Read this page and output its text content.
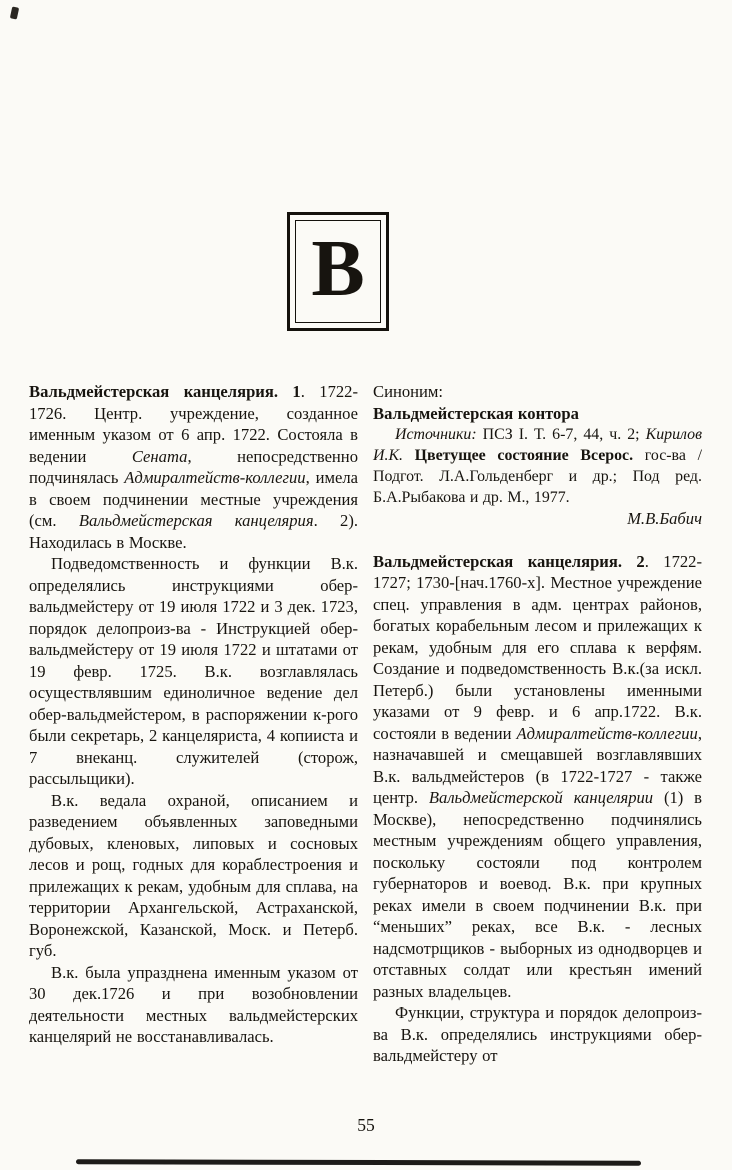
В

Вальдмейстерская канцелярия. 1. 1722-1726. Центр. учреждение, созданное именным указом от 6 апр. 1722. Состояла в ведении Сената, непосредственно подчинялась Адмиралтейств-коллегии, имела в своем подчинении местные учреждения (см. Вальдмейстерская канцелярия. 2). Находилась в Москве.

Подведомственность и функции В.к. определялись инструкциями обер-вальдмейстеру от 19 июля 1722 и 3 дек. 1723, порядок делопроиз-ва - Инструкцией обер-вальдмейстеру от 19 июля 1722 и штатами от 19 февр. 1725. В.к. возглавлялась осуществлявшим единоличное ведение дел обер-вальдмейстером, в распоряжении к-рого были секретарь, 2 канцеляриста, 4 копииста и 7 внеканц. служителей (сторож, рассыльщики).

В.к. ведала охраной, описанием и разведением объявленных заповедными дубовых, кленовых, липовых и сосновых лесов и рощ, годных для кораблестроения и прилежащих к рекам, удобным для сплава, на территории Архангельской, Астраханской, Воронежской, Казанской, Моск. и Петерб. губ.

В.к. была упразднена именным указом от 30 дек.1726 и при возобновлении деятельности местных вальдмейстерских канцелярий не восстанавливалась.

Синоним:

Вальдмейстерская контора

Источники: ПСЗ I. Т. 6-7, 44, ч. 2; Кирилов И.К. Цветущее состояние Всерос. гос-ва / Подгот. Л.А.Гольденберг и др.; Под ред. Б.А.Рыбакова и др. М., 1977.

М.В.Бабич

Вальдмейстерская канцелярия. 2. 1722-1727; 1730-[нач.1760-х]. Местное учреждение спец. управления в адм. центрах районов, богатых корабельным лесом и прилежащих к рекам, удобным для его сплава к верфям. Создание и подведомственность В.к.(за искл. Петерб.) были установлены именными указами от 9 февр. и 6 апр.1722. В.к. состояли в ведении Адмиралтейств-коллегии, назначавшей и смещавшей возглавлявших В.к. вальдмейстеров (в 1722-1727 - также центр. Вальдмейстерской канцелярии (1) в Москве), непосредственно подчинялись местным учреждениям общего управления, поскольку состояли под контролем губернаторов и воевод. В.к. при крупных реках имели в своем подчинении В.к. при “меньших” реках, все В.к. - лесных надсмотрщиков - выборных из однодворцев и отставных солдат или крестьян имений разных владельцев.

Функции, структура и порядок делопроиз-ва В.к. определялись инструкциями обер-вальдмейстеру от

55
